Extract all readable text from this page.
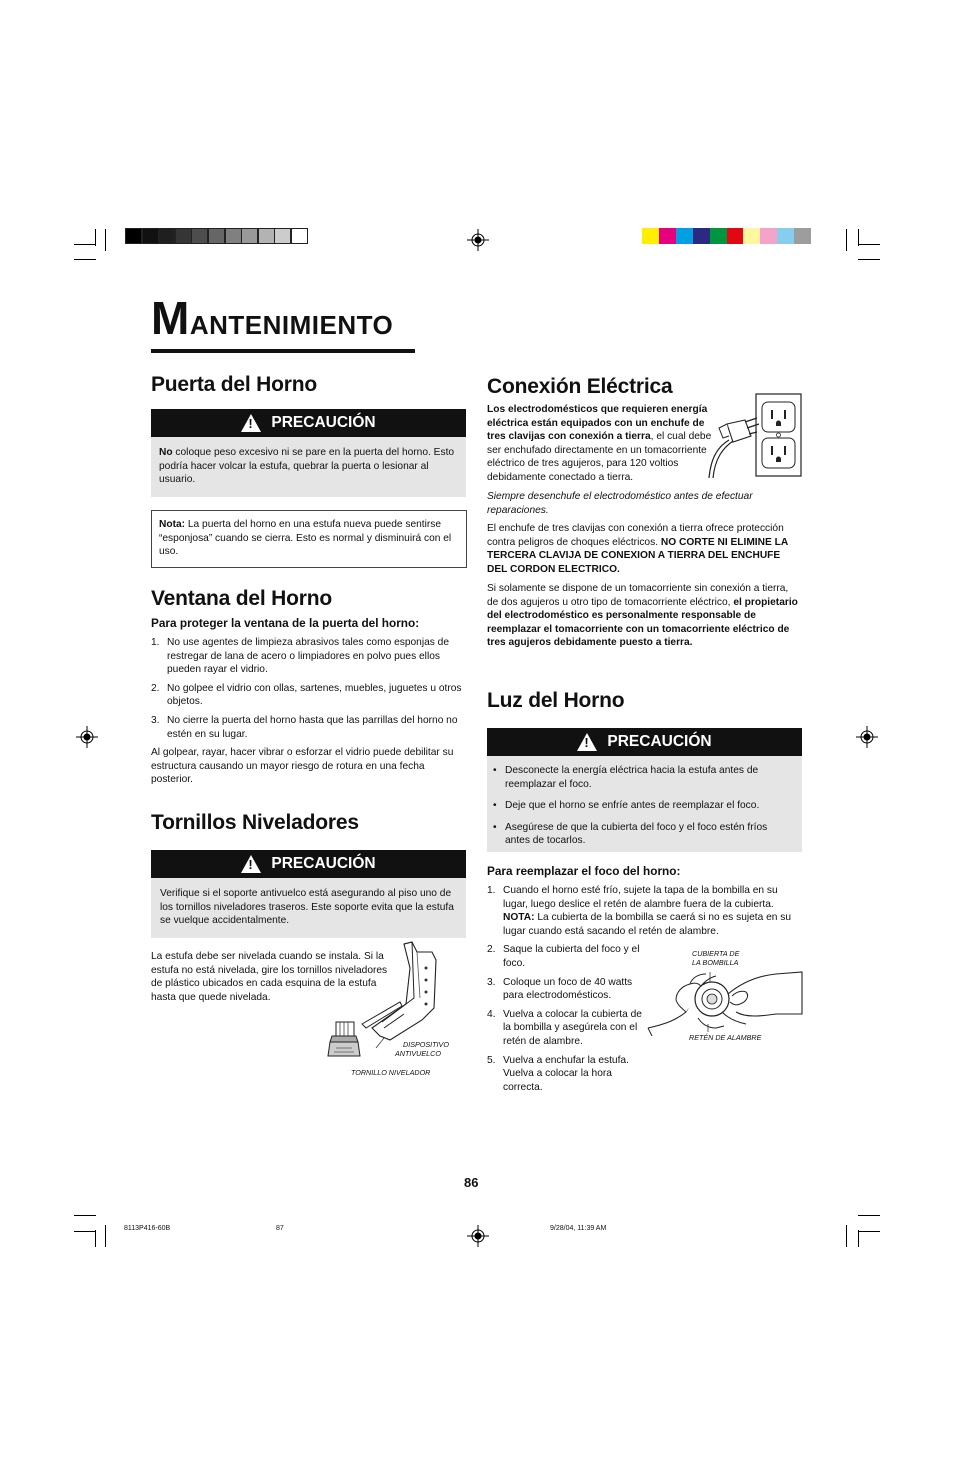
MANTENIMIENTO
Puerta del Horno
! PRECAUCIÓN
No coloque peso excesivo ni se pare en la puerta del horno. Esto podría hacer volcar la estufa, quebrar la puerta o lesionar al usuario.
Nota: La puerta del horno en una estufa nueva puede sentirse “esponjosa” cuando se cierra. Esto es normal y disminuirá con el uso.
Ventana del Horno
Para proteger la ventana de la puerta del horno:
1. No use agentes de limpieza abrasivos tales como esponjas de restregar de lana de acero o limpiadores en polvo pues ellos pueden rayar el vidrio.
2. No golpee el vidrio con ollas, sartenes, muebles, juguetes u otros objetos.
3. No cierre la puerta del horno hasta que las parrillas del horno no estén en su lugar.
Al golpear, rayar, hacer vibrar o esforzar el vidrio puede debilitar su estructura causando un mayor riesgo de rotura en una fecha posterior.
Tornillos Niveladores
! PRECAUCIÓN
Verifique si el soporte antivuelco está asegurando al piso uno de los tornillos niveladores traseros. Este soporte evita que la estufa se vuelque accidentalmente.
La estufa debe ser nivelada cuando se instala. Si la estufa no está nivelada, gire los tornillos niveladores de plástico ubicados en cada esquina de la estufa hasta que quede nivelada.
DISPOSITIVO
ANTIVUELCO
TORNILLO NIVELADOR
Conexión Eléctrica
Los electrodomésticos que requieren energía eléctrica están equipados con un enchufe de tres clavijas con conexión a tierra, el cual debe ser enchufado directamente en un tomacorriente eléctrico de tres agujeros, para 120 voltios debidamente conectado a tierra.
Siempre desenchufe el electrodoméstico antes de efectuar reparaciones.
El enchufe de tres clavijas con conexión a tierra ofrece protección contra peligros de choques eléctricos. NO CORTE NI ELIMINE LA TERCERA CLAVIJA DE CONEXION A TIERRA DEL ENCHUFE DEL CORDON ELECTRICO.
Si solamente se dispone de un tomacorriente sin conexión a tierra, de dos agujeros u otro tipo de tomacorriente eléctrico, el propietario del electrodoméstico es personalmente responsable de reemplazar el tomacorriente con un tomacorriente eléctrico de tres agujeros debidamente puesto a tierra.
Luz del Horno
! PRECAUCIÓN
• Desconecte la energía eléctrica hacia la estufa antes de reemplazar el foco.
• Deje que el horno se enfríe antes de reemplazar el foco.
• Asegúrese de que la cubierta del foco y el foco estén fríos antes de tocarlos.
Para reemplazar el foco del horno:
1. Cuando el horno esté frío, sujete la tapa de la bombilla en su lugar, luego deslice el retén de alambre fuera de la cubierta. NOTA: La cubierta de la bombilla se caerá si no es sujeta en su lugar cuando está sacando el retén de alambre.
2. Saque la cubierta del foco y el foco.
3. Coloque un foco de 40 watts para electrodomésticos.
4. Vuelva a colocar la cubierta de la bombilla y asegúrela con el retén de alambre.
5. Vuelva a enchufar la estufa. Vuelva a colocar la hora correcta.
CUBIERTA DE
LA BOMBILLA
RETÉN DE ALAMBRE
86
8113P416-60B	87	9/28/04, 11:39 AM
